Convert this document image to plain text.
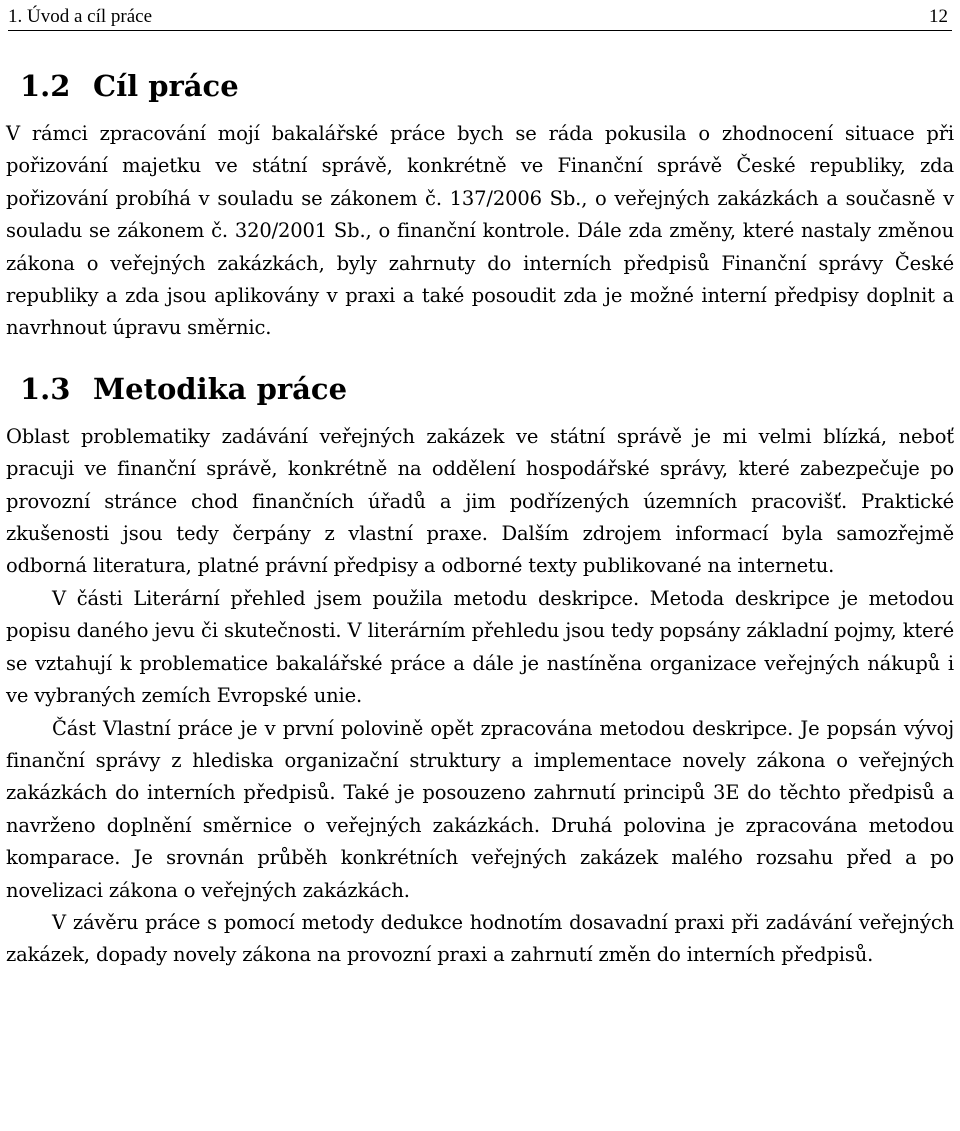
1. Úvod a cíl práce	12
1.2 Cíl práce

V rámci zpracování mojí bakalářské práce bych se ráda pokusila o zhodnocení situace při pořizování majetku ve státní správě, konkrétně ve Finanční správě České republiky, zda pořizování probíhá v souladu se zákonem č. 137/2006 Sb., o veřejných zakázkách a současně v souladu se zákonem č. 320/2001 Sb., o finanční kontrole. Dále zda změny, které nastaly změnou zákona o veřejných zakázkách, byly zahrnuty do interních předpisů Finanční správy České republiky a zda jsou aplikovány v praxi a také posoudit zda je možné interní předpisy doplnit a navrhnout úpravu směrnic.

1.3 Metodika práce

Oblast problematiky zadávání veřejných zakázek ve státní správě je mi velmi blízká, neboť pracuji ve finanční správě, konkrétně na oddělení hospodářské správy, které zabezpečuje po provozní stránce chod finančních úřadů a jim podřízených územních pracovišť. Praktické zkušenosti jsou tedy čerpány z vlastní praxe. Dalším zdrojem informací byla samozřejmě odborná literatura, platné právní předpisy a odborné texty publikované na internetu.

V části Literární přehled jsem použila metodu deskripce. Metoda deskripce je metodou popisu daného jevu či skutečnosti. V literárním přehledu jsou tedy popsány základní pojmy, které se vztahují k problematice bakalářské práce a dále je nastíněna organizace veřejných nákupů i ve vybraných zemích Evropské unie.

Část Vlastní práce je v první polovině opět zpracována metodou deskripce. Je popsán vývoj finanční správy z hlediska organizační struktury a implementace novely zákona o veřejných zakázkách do interních předpisů. Také je posouzeno zahrnutí principů 3E do těchto předpisů a navrženo doplnění směrnice o veřejných zakázkách. Druhá polovina je zpracována metodou komparace. Je srovnán průběh konkrétních veřejných zakázek malého rozsahu před a po novelizaci zákona o veřejných zakázkách.

V závěru práce s pomocí metody dedukce hodnotím dosavadní praxi při zadávání veřejných zakázek, dopady novely zákona na provozní praxi a zahrnutí změn do interních předpisů.
